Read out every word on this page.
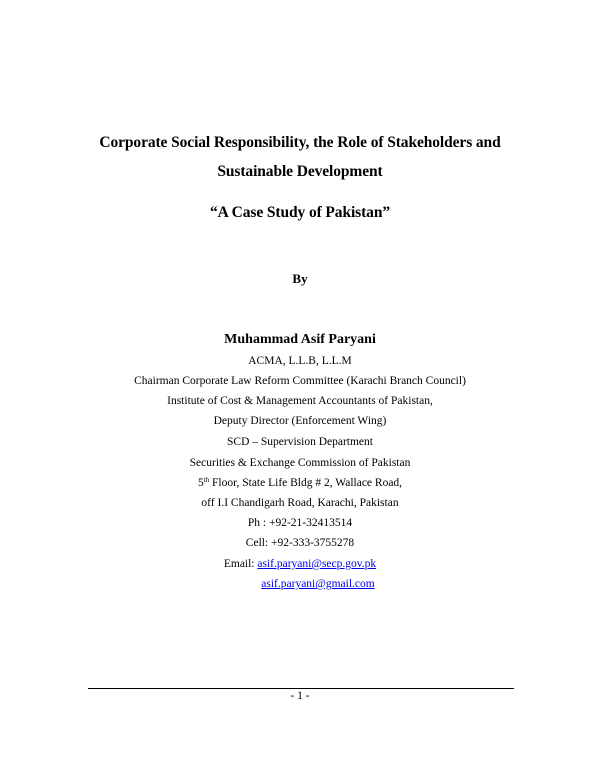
Corporate Social Responsibility, the Role of Stakeholders and
Sustainable Development
“A Case Study of Pakistan”
By
Muhammad Asif Paryani
ACMA, L.L.B, L.L.M
Chairman Corporate Law Reform Committee (Karachi Branch Council)
Institute of Cost & Management Accountants of Pakistan,
Deputy Director (Enforcement Wing)
SCD – Supervision Department
Securities & Exchange Commission of Pakistan
5th Floor, State Life Bldg # 2, Wallace Road,
off I.I Chandigarh Road, Karachi, Pakistan
Ph : +92-21-32413514
Cell: +92-333-3755278
Email: asif.paryani@secp.gov.pk
asif.paryani@gmail.com
- 1 -
